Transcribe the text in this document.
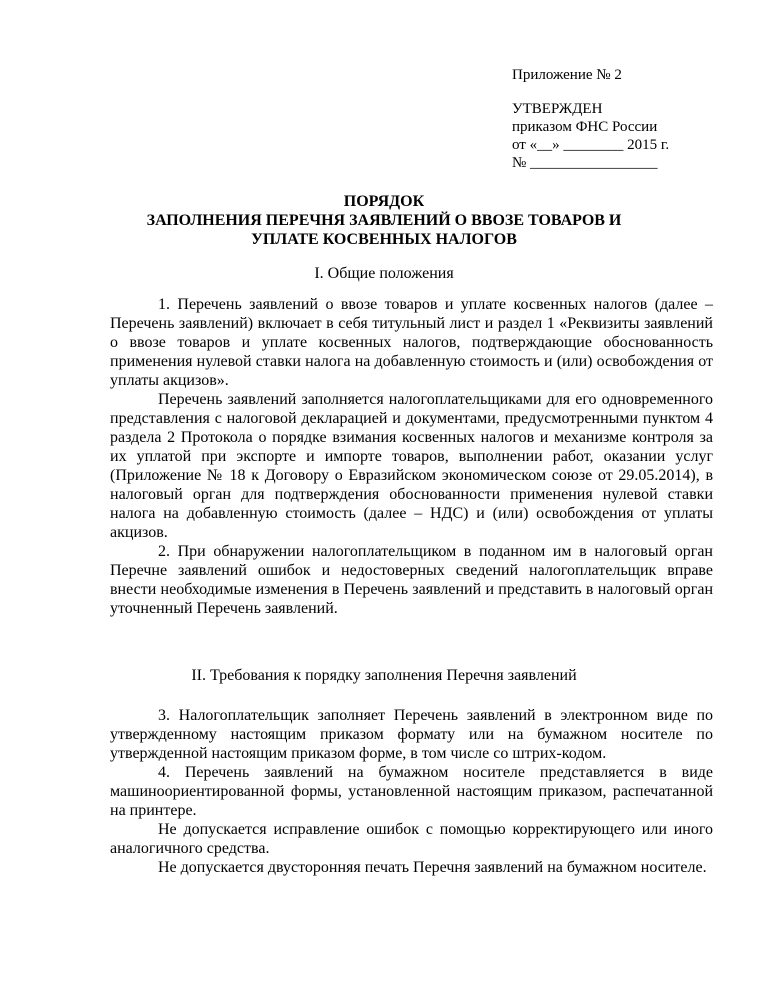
Приложение № 2
УТВЕРЖДЕН
приказом ФНС России
от «__» ________ 2015 г.
№ _________________
ПОРЯДОК
ЗАПОЛНЕНИЯ ПЕРЕЧНЯ ЗАЯВЛЕНИЙ О ВВОЗЕ ТОВАРОВ И
УПЛАТЕ КОСВЕННЫХ НАЛОГОВ
I. Общие положения

1. Перечень заявлений о ввозе товаров и уплате косвенных налогов (далее – Перечень заявлений) включает в себя титульный лист и раздел 1 «Реквизиты заявлений о ввозе товаров и уплате косвенных налогов, подтверждающие обоснованность применения нулевой ставки налога на добавленную стоимость и (или) освобождения от уплаты акцизов».

Перечень заявлений заполняется налогоплательщиками для его одновременного представления с налоговой декларацией и документами, предусмотренными пунктом 4 раздела 2 Протокола о порядке взимания косвенных налогов и механизме контроля за их уплатой при экспорте и импорте товаров, выполнении работ, оказании услуг (Приложение № 18 к Договору о Евразийском экономическом союзе от 29.05.2014), в налоговый орган для подтверждения обоснованности применения нулевой ставки налога на добавленную стоимость (далее – НДС) и (или) освобождения от уплаты акцизов.

2. При обнаружении налогоплательщиком в поданном им в налоговый орган Перечне заявлений ошибок и недостоверных сведений налогоплательщик вправе внести необходимые изменения в Перечень заявлений и представить в налоговый орган уточненный Перечень заявлений.

II. Требования к порядку заполнения Перечня заявлений

3. Налогоплательщик заполняет Перечень заявлений в электронном виде по утвержденному настоящим приказом формату или на бумажном носителе по утвержденной настоящим приказом форме, в том числе со штрих-кодом.

4. Перечень заявлений на бумажном носителе представляется в виде машиноориентированной формы, установленной настоящим приказом, распечатанной на принтере.

Не допускается исправление ошибок с помощью корректирующего или иного аналогичного средства.

Не допускается двусторонняя печать Перечня заявлений на бумажном носителе.
